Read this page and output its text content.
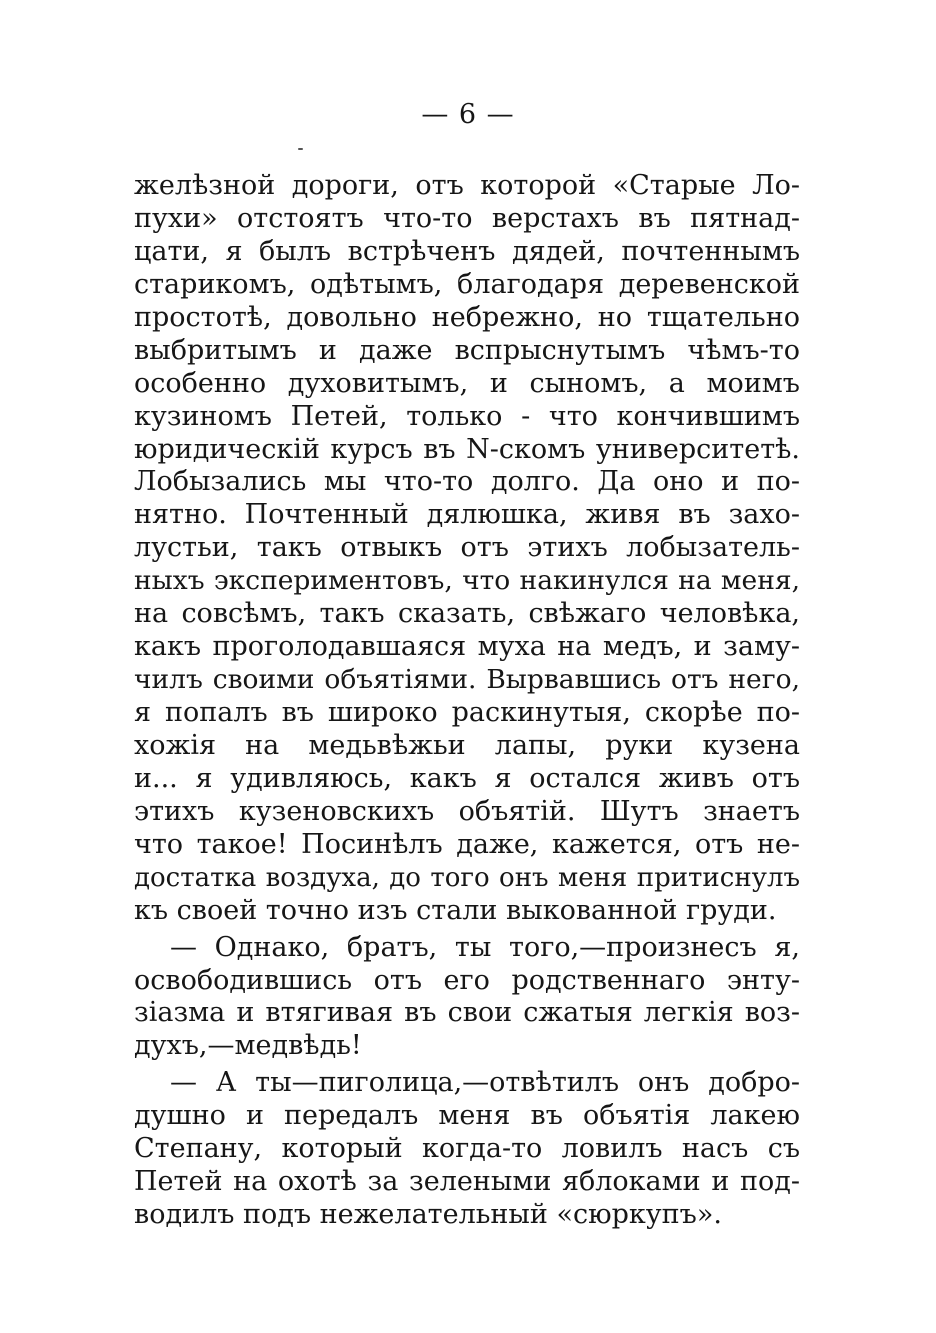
— 6 —
желѣзной дороги, отъ которой «Старые Ло-
пухи» отстоятъ что-то верстахъ въ пятнад-
цати, я былъ встрѣченъ дядей, почтеннымъ
старикомъ, одѣтымъ, благодаря деревенской
простотѣ, довольно небрежно, но тщательно
выбритымъ и даже вспрыснутымъ чѣмъ-то
особенно духовитымъ, и сыномъ, а моимъ
кузиномъ Петей, только - что кончившимъ
юридическій курсъ въ N-скомъ университетѣ.
Лобызались мы что-то долго. Да оно и по-
нятно. Почтенный дялюшка, живя въ захо-
лустьи, такъ отвыкъ отъ этихъ лобызатель-
ныхъ экспериментовъ, что накинулся на меня,
на совсѣмъ, такъ сказать, свѣжаго человѣка,
какъ проголодавшаяся муха на медъ, и заму-
чилъ своими объятіями. Вырвавшись отъ него,
я попалъ въ широко раскинутыя, скорѣе по-
хожія на медьвѣжьи лапы, руки кузена
и... я удивляюсь, какъ я остался живъ отъ
этихъ кузеновскихъ объятій. Шутъ знаетъ
что такое! Посинѣлъ даже, кажется, отъ не-
достатка воздуха, до того онъ меня притиснулъ
къ своей точно изъ стали выкованной груди.
— Однако, братъ, ты того,—произнесъ я,
освободившись отъ его родственнаго энту-
зіазма и втягивая въ свои сжатыя легкія воз-
духъ,—медвѣдь!
— А ты—пиголица,—отвѣтилъ онъ добро-
душно и передалъ меня въ объятія лакею
Степану, который когда-то ловилъ насъ съ
Петей на охотѣ за зелеными яблоками и под-
водилъ подъ нежелательный «сюркупъ».
